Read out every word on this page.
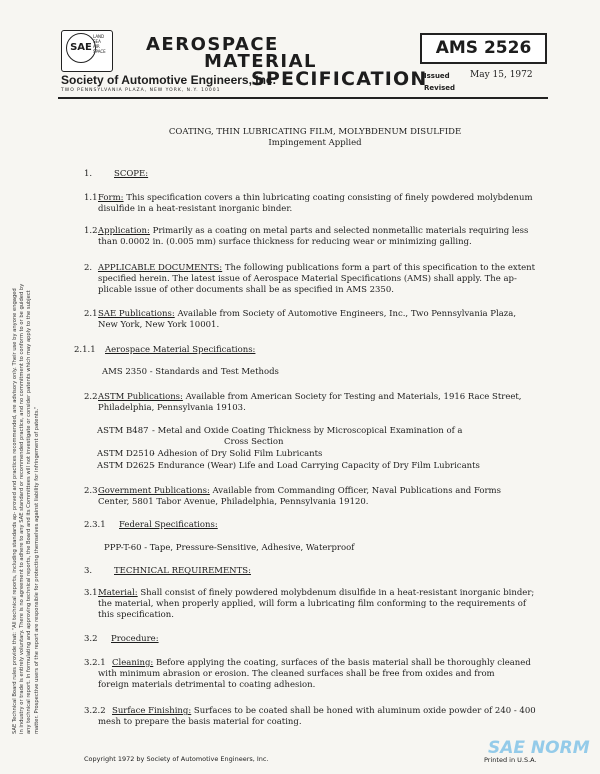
SAE
LAND
SEA
AIR
SPACE AEROSPACE
MATERIAL
SPECIFICATION
Society of Automotive Engineers, Inc.
TWO PENNSYLVANIA PLAZA, NEW YORK, N.Y. 10001
AMS 2526
Issued May 15, 1972
Revised
SAE Technical Board rules provide that: "All technical reports, including standards ap- proved and practices recommended, are advisory only. Their use by anyone engaged in industry or trade is entirely voluntary. There is no agreement to adhere to any SAE standard or recommended practice, and no commitment to conform to or be guided by any technical report. In formulating and approving technical reports, the Board and its Committees will not investigate or consider patents which may apply to the subject matter. Prospective users of the report are responsible for protecting themselves against liability for infringement of patents."
COATING, THIN LUBRICATING FILM, MOLYBDENUM DISULFIDE
Impingement Applied
1.	SCOPE:
1.1 Form: This specification covers a thin lubricating coating consisting of finely powdered molybdenum
disulfide in a heat-resistant inorganic binder.
1.2 Application: Primarily as a coating on metal parts and selected nonmetallic materials requiring less
than 0.0002 in. (0.005 mm) surface thickness for reducing wear or minimizing galling.
2. APPLICABLE DOCUMENTS: The following publications form a part of this specification to the extent
specified herein. The latest issue of Aerospace Material Specifications (AMS) shall apply. The ap-
plicable issue of other documents shall be as specified in AMS 2350.
2.1 SAE Publications: Available from Society of Automotive Engineers, Inc., Two Pennsylvania Plaza,
New York, New York 10001.
2.1.1 Aerospace Material Specifications:
AMS 2350 - Standards and Test Methods
2.2 ASTM Publications: Available from American Society for Testing and Materials, 1916 Race Street,
Philadelphia, Pennsylvania 19103.
ASTM B487 - Metal and Oxide Coating Thickness by Microscopical Examination of a
Cross Section
ASTM D2510
- Adhesion of Dry Solid Film Lubricants
ASTM D2625
- Endurance (Wear) Life and Load Carrying Capacity of Dry Film Lubricants
2.3 Government Publications: Available from Commanding Officer, Naval Publications and Forms
Center, 5801 Tabor Avenue, Philadelphia, Pennsylvania 19120.
2.3.1 Federal Specifications:
PPP-T-60 - Tape, Pressure-Sensitive, Adhesive, Waterproof
3.	TECHNICAL REQUIREMENTS:
3.1 Material: Shall consist of finely powdered molybdenum disulfide in a heat-resistant inorganic binder;
the material, when properly applied, will form a lubricating film conforming to the requirements of
this specification.
3.2 Procedure:
3.2.1 Cleaning: Before applying the coating, surfaces of the basis material shall be thoroughly cleaned
with minimum abrasion or erosion. The cleaned surfaces shall be free from oxides and from
foreign materials detrimental to coating adhesion.
3.2.2 Surface Finishing: Surfaces to be coated shall be honed with aluminum oxide powder of 240 - 400
mesh to prepare the basis material for coating.
Copyright 1972 by Society of Automotive Engineers, Inc.
SAE NORM
Printed in U.S.A.
